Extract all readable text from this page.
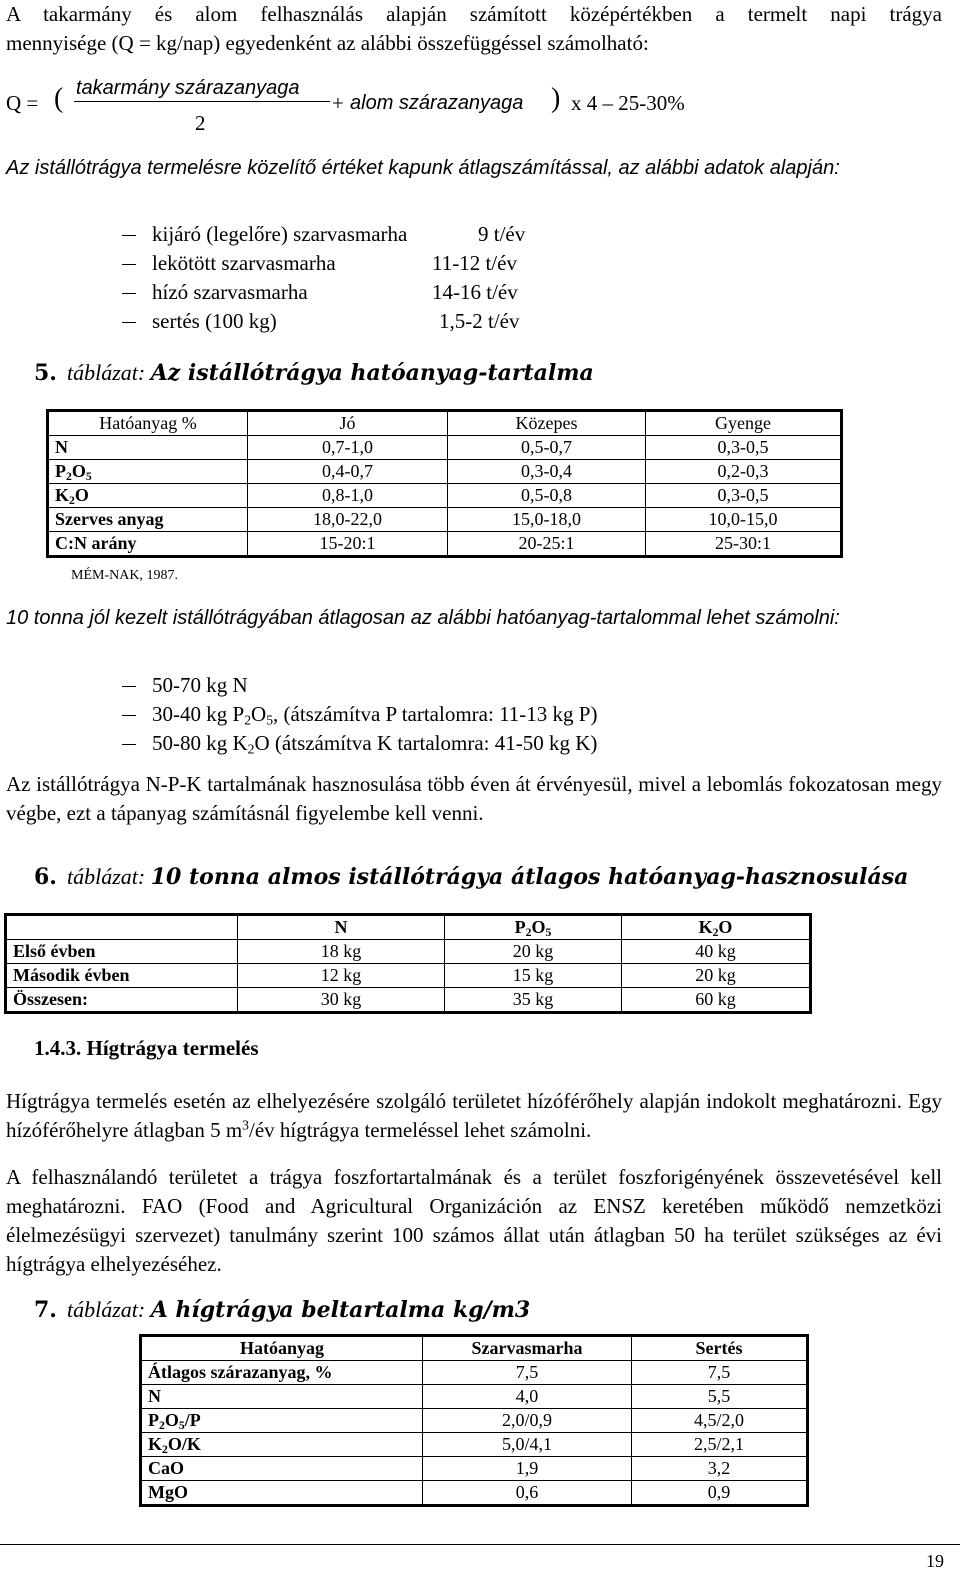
A takarmány és alom felhasználás alapján számított középértékben a termelt napi trágya
mennyisége (Q = kg/nap) egyedenként az alábbi összefüggéssel számolható:
Q = ( takarmány szárazanyaga
2
+ alom szárazanyaga ) x 4 – 25-30%
Az istállótrágya termelésre közelítő értéket kapunk átlagszámítással, az alábbi adatok alapján:
kijáró (legelőre) szarvasmarha	9 t/év
lekötött szarvasmarha	11-12 t/év
hízó szarvasmarha	14-16 t/év
sertés (100 kg)	1,5-2 t/év
5. táblázat: Az istállótrágya hatóanyag-tartalma
Hatóanyag %	Jó	Közepes	Gyenge
N	0,7-1,0	0,5-0,7	0,3-0,5
$P_2O_5$	0,4-0,7	0,3-0,4	0,2-0,3
$K_2O$	0,8-1,0	0,5-0,8	0,3-0,5
Szerves anyag	18,0-22,0	15,0-18,0	10,0-15,0
C:N arány	15-20:1	20-25:1	25-30:1
MÉM-NAK, 1987.
10 tonna jól kezelt istállótrágyában átlagosan az alábbi hatóanyag-tartalommal lehet számolni:
50-70 kg N
30-40 kg $P_2O_5$, (átszámítva P tartalomra: 11-13 kg P)
50-80 kg $K_2O$ (átszámítva K tartalomra: 41-50 kg K)
Az istállótrágya N-P-K tartalmának hasznosulása több éven át érvényesül, mivel a lebomlás fokozatosan megy végbe, ezt a tápanyag számításnál figyelembe kell venni.
6. táblázat: 10 tonna almos istállótrágya átlagos hatóanyag-hasznosulása
	N	$P_2O_5$	$K_2O$
Első évben	18 kg	20 kg	40 kg
Második évben	12 kg	15 kg	20 kg
Összesen:	30 kg	35 kg	60 kg
1.4.3. Hígtrágya termelés
Hígtrágya termelés esetén az elhelyezésére szolgáló területet hízóférőhely alapján indokolt meghatározni. Egy hízóférőhelyre átlagban 5 $m^3/év$ hígtrágya termeléssel lehet számolni.
A felhasználandó területet a trágya foszfortartalmának és a terület foszforigényének összevetésével kell meghatározni. FAO (Food and Agricultural Organizáción az ENSZ keretében működő nemzetközi élelmezésügyi szervezet) tanulmány szerint 100 számos állat után átlagban 50 ha terület szükséges az évi hígtrágya elhelyezéséhez.
7. táblázat: A hígtrágya beltartalma kg/m3
Hatóanyag	Szarvasmarha	Sertés
Átlagos szárazanyag, %	7,5	7,5
N	4,0	5,5
$P_2O_5/P$	2,0/0,9	4,5/2,0
$K_2O/K$	5,0/4,1	2,5/2,1
CaO	1,9	3,2
MgO	0,6	0,9
19
